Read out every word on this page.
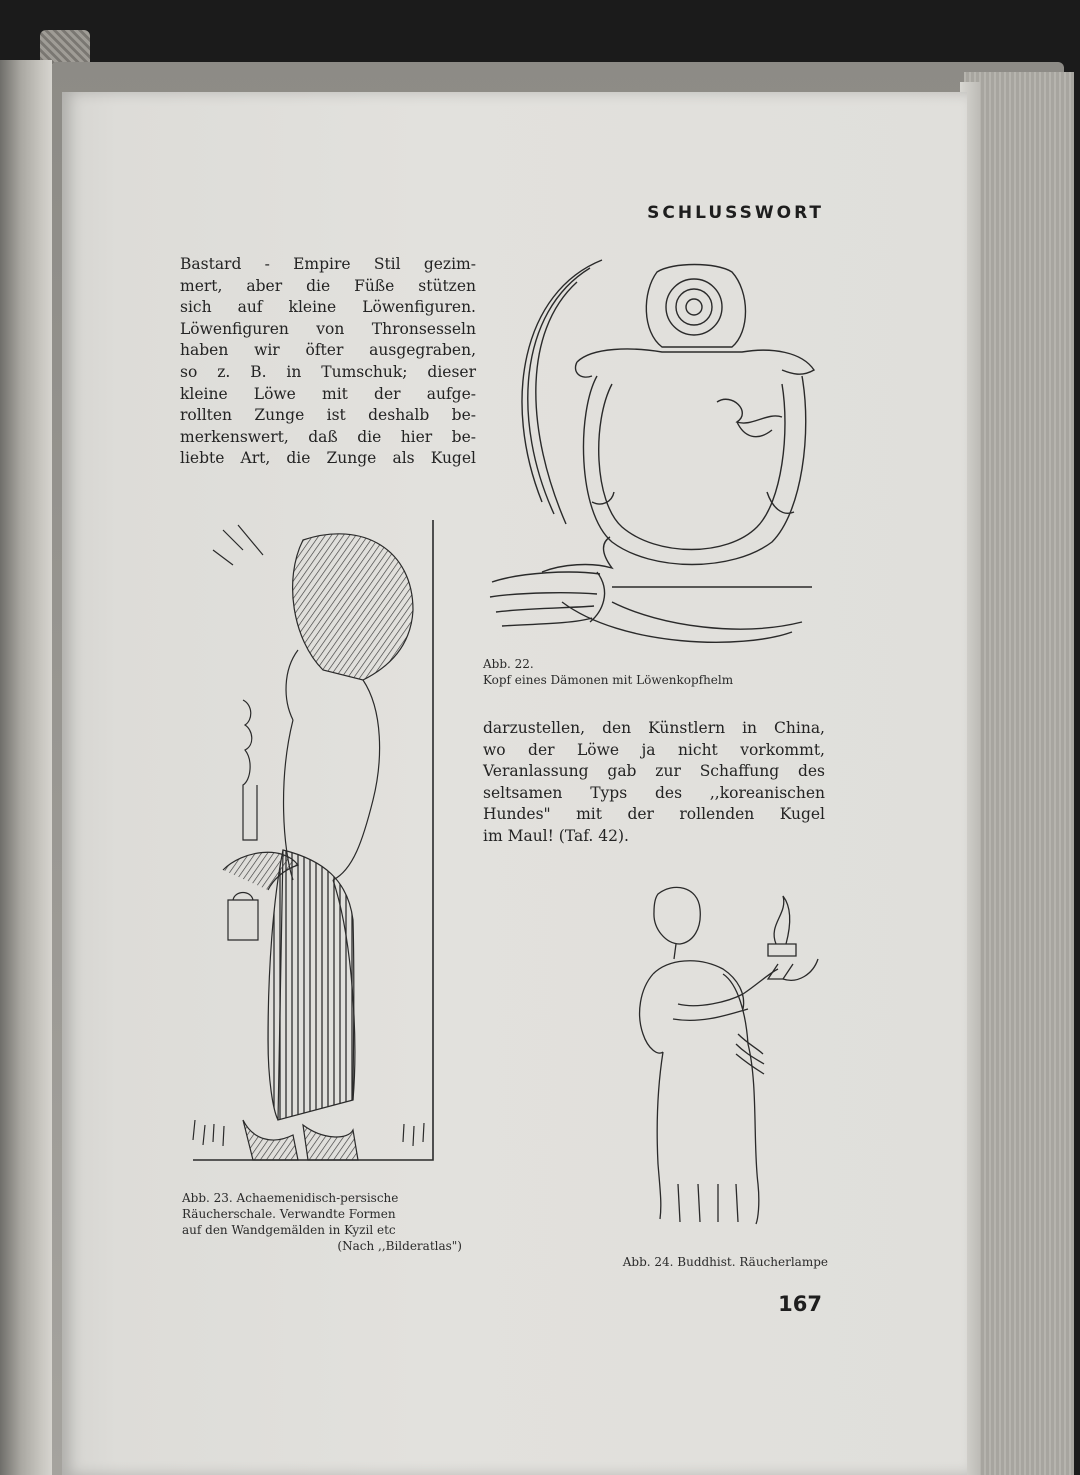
SCHLUSSWORT
Bastard - Empire Stil gezim-
mert, aber die Füße stützen
sich auf kleine Löwenfiguren.
Löwenfiguren von Thronsesseln
haben wir öfter ausgegraben,
so z. B. in Tumschuk; dieser
kleine Löwe mit der aufge-
rollten Zunge ist deshalb be-
merkenswert, daß die hier be-
liebte Art, die Zunge als Kugel
Abb. 22.
Kopf eines Dämonen mit Löwenkopfhelm
darzustellen, den Künstlern in China,
wo der Löwe ja nicht vorkommt,
Veranlassung gab zur Schaffung des
seltsamen Typs des ,,koreanischen
Hundes" mit der rollenden Kugel
im Maul! (Taf. 42).
Abb. 23. Achaemenidisch-persische
Räucherschale. Verwandte Formen
auf den Wandgemälden in Kyzil etc
(Nach ,,Bilderatlas")
Abb. 24. Buddhist. Räucherlampe
167
